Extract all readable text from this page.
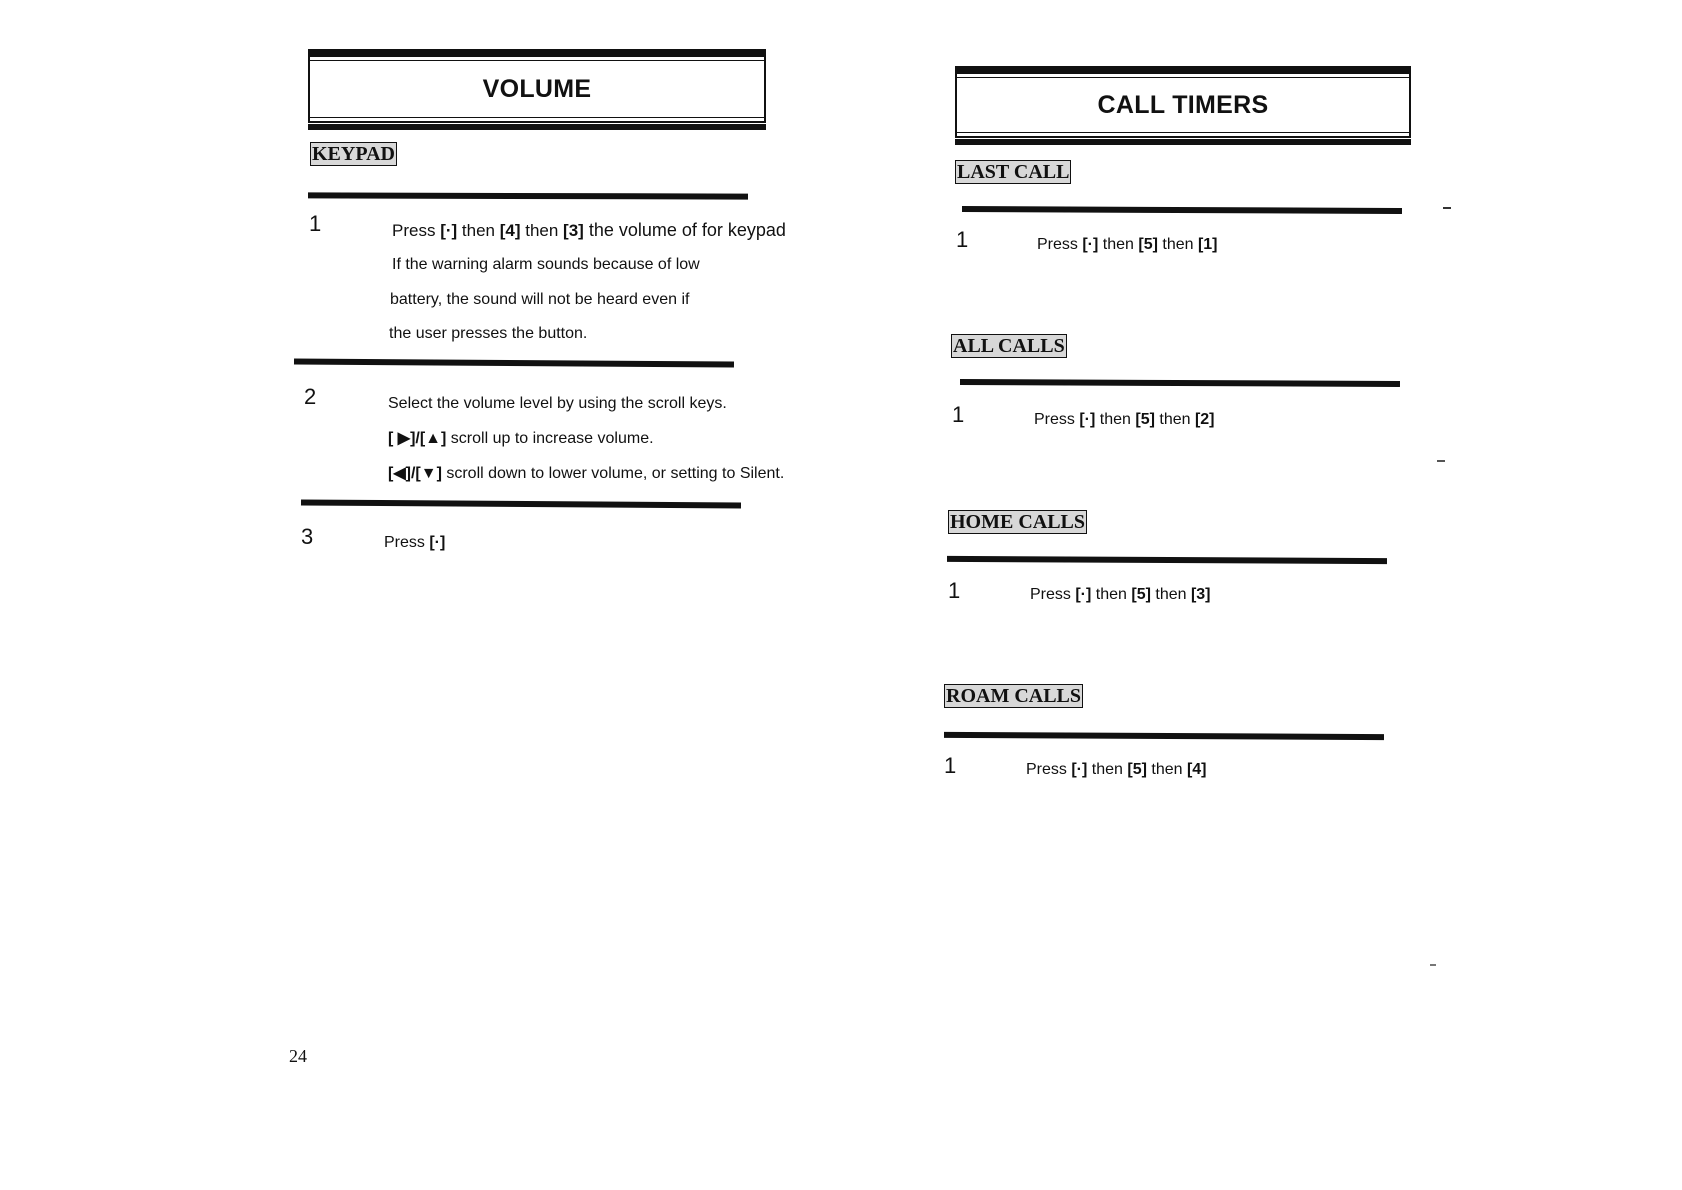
VOLUME
KEYPAD
1	Press [·] then [4] then [3] the volume of for keypad
If the warning alarm sounds because of low
battery, the sound will not be heard even if
the user presses the button.
2	Select the volume level by using the scroll keys.
[ ▶]/[▲] scroll up to increase volume.
[◀]/[▼] scroll down to lower volume, or setting to Silent.
3	Press [·]
24
CALL TIMERS
LAST CALL
1	Press [·] then [5] then [1]
ALL CALLS
1	Press [·] then [5] then [2]
HOME CALLS
1	Press [·] then [5] then [3]
ROAM CALLS
1	Press [·] then [5] then [4]
